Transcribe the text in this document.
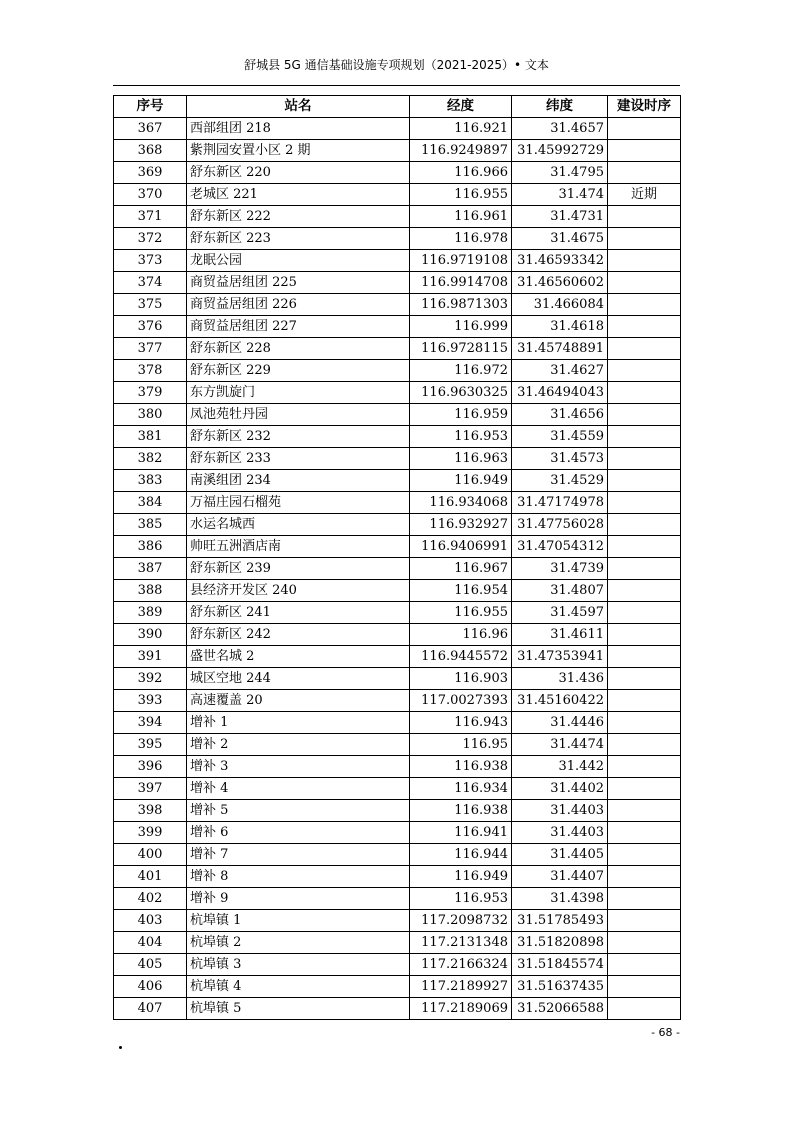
舒城县 5G 通信基础设施专项规划（2021-2025）• 文本
序号	站名	经度	纬度	建设时序
367	西部组团 218	116.921	31.4657	
368	紫荆园安置小区 2 期	116.9249897	31.45992729	
369	舒东新区 220	116.966	31.4795	
370	老城区 221	116.955	31.474	近期
371	舒东新区 222	116.961	31.4731	
372	舒东新区 223	116.978	31.4675	
373	龙眠公园	116.9719108	31.46593342	
374	商贸益居组团 225	116.9914708	31.46560602	
375	商贸益居组团 226	116.9871303	31.466084	
376	商贸益居组团 227	116.999	31.4618	
377	舒东新区 228	116.9728115	31.45748891	
378	舒东新区 229	116.972	31.4627	
379	东方凯旋门	116.9630325	31.46494043	
380	凤池苑牡丹园	116.959	31.4656	
381	舒东新区 232	116.953	31.4559	
382	舒东新区 233	116.963	31.4573	
383	南溪组团 234	116.949	31.4529	
384	万福庄园石榴苑	116.934068	31.47174978	
385	水运名城西	116.932927	31.47756028	
386	帅旺五洲酒店南	116.9406991	31.47054312	
387	舒东新区 239	116.967	31.4739	
388	县经济开发区 240	116.954	31.4807	
389	舒东新区 241	116.955	31.4597	
390	舒东新区 242	116.96	31.4611	
391	盛世名城 2	116.9445572	31.47353941	
392	城区空地 244	116.903	31.436	
393	高速覆盖 20	117.0027393	31.45160422	
394	增补 1	116.943	31.4446	
395	增补 2	116.95	31.4474	
396	增补 3	116.938	31.442	
397	增补 4	116.934	31.4402	
398	增补 5	116.938	31.4403	
399	增补 6	116.941	31.4403	
400	增补 7	116.944	31.4405	
401	增补 8	116.949	31.4407	
402	增补 9	116.953	31.4398	
403	杭埠镇 1	117.2098732	31.51785493	
404	杭埠镇 2	117.2131348	31.51820898	
405	杭埠镇 3	117.2166324	31.51845574	
406	杭埠镇 4	117.2189927	31.51637435	
407	杭埠镇 5	117.2189069	31.52066588	
- 68 -
